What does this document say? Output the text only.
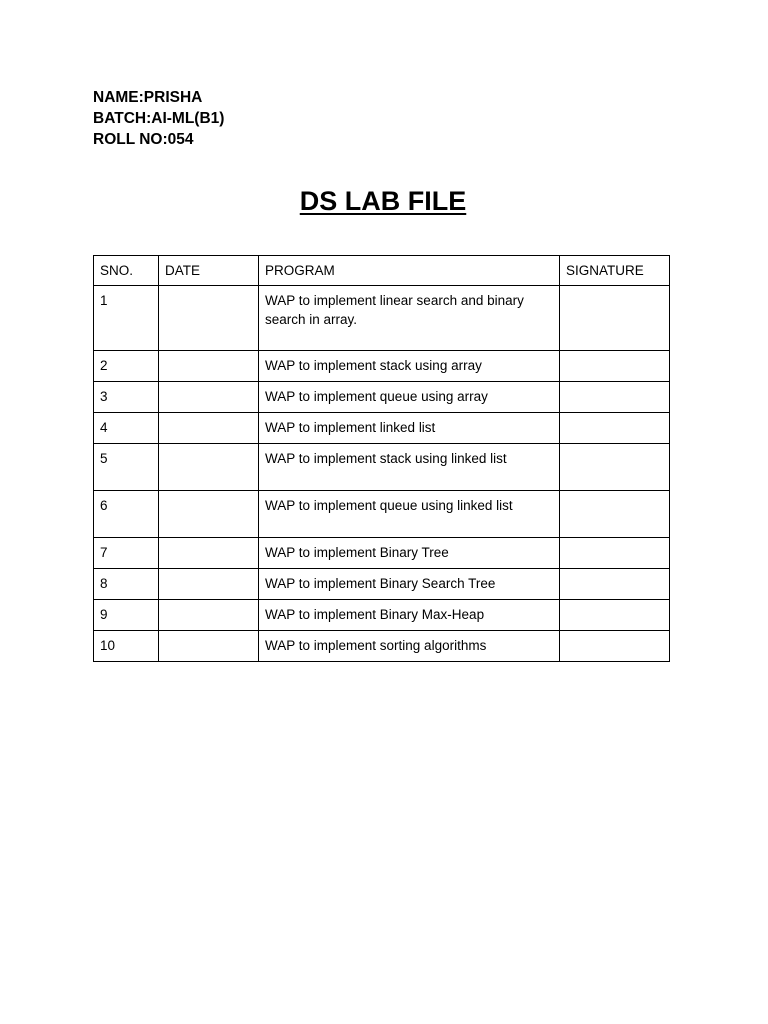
NAME:PRISHA
BATCH:AI-ML(B1)
ROLL NO:054
DS LAB FILE
SNO.	DATE	PROGRAM	SIGNATURE
1		WAP to implement linear search and binary search in array.	
2		WAP to implement stack using array	
3		WAP to implement queue using array	
4		WAP to implement linked list	
5		WAP to implement stack using linked list	
6		WAP to implement queue using linked list	
7		WAP to implement Binary Tree	
8		WAP to implement Binary Search Tree	
9		WAP to implement Binary Max-Heap	
10		WAP to implement sorting algorithms	
